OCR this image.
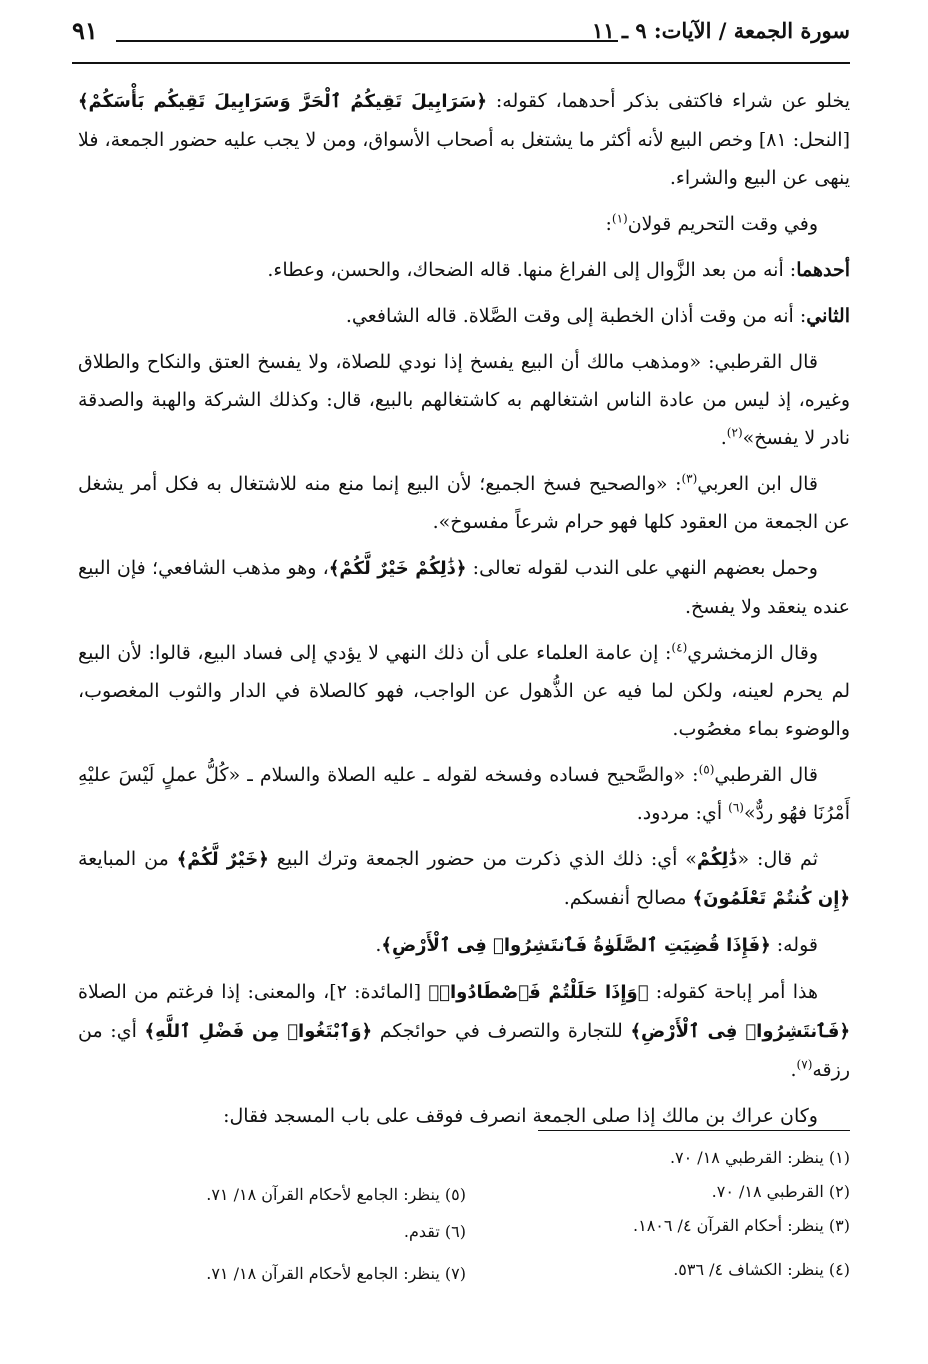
سورة الجمعة / الآيات: ٩ ـ ١١
٩١

يخلو عن شراء فاكتفى بذكر أحدهما، كقوله: ﴿سَرَابِيلَ تَقِيكُمُ ٱلْحَرَّ وَسَرَابِيلَ تَقِيكُم بَأْسَكُمْ﴾ [النحل: ٨١] وخص البيع لأنه أكثر ما يشتغل به أصحاب الأسواق، ومن لا يجب عليه حضور الجمعة، فلا ينهى عن البيع والشراء.

وفي وقت التحريم قولان$^{(١)}$:

أحدهما: أنه من بعد الزَّوال إلى الفراغ منها. قاله الضحاك، والحسن، وعطاء.

الثاني: أنه من وقت أذان الخطبة إلى وقت الصَّلاة. قاله الشافعي.

قال القرطبي: «ومذهب مالك أن البيع يفسخ إذا نودي للصلاة، ولا يفسخ العتق والنكاح والطلاق وغيره، إذ ليس من عادة الناس اشتغالهم به كاشتغالهم بالبيع، قال: وكذلك الشركة والهبة والصدقة نادر لا يفسخ»$^{(٢)}$.

قال ابن العربي$^{(٣)}$: «والصحيح فسخ الجميع؛ لأن البيع إنما منع منه للاشتغال به فكل أمر يشغل عن الجمعة من العقود كلها فهو حرام شرعاً مفسوخ».

وحمل بعضهم النهي على الندب لقوله تعالى: ﴿ذَٰلِكُمْ خَيْرٌ لَّكُمْ﴾، وهو مذهب الشافعي؛ فإن البيع عنده ينعقد ولا يفسخ.

وقال الزمخشري$^{(٤)}$: إن عامة العلماء على أن ذلك النهي لا يؤدي إلى فساد البيع، قالوا: لأن البيع لم يحرم لعينه، ولكن لما فيه عن الذُّهول عن الواجب، فهو كالصلاة في الدار والثوب المغصوب، والوضوء بماء مغصُوب.

قال القرطبي$^{(٥)}$: «والصَّحيح فساده وفسخه لقوله ـ عليه الصلاة والسلام ـ «كُلُّ عملٍ لَيْسَ عليْهِ أَمْرُنَا فهُو ردٌّ»$^{(٦)}$ أي: مردود.

ثم قال: «ذَٰلِكُمْ» أي: ذلك الذي ذكرت من حضور الجمعة وترك البيع ﴿خَيْرٌ لَّكُمْ﴾ من المبايعة ﴿إِن كُنتُمْ تَعْلَمُونَ﴾ مصالح أنفسكم.

قوله: ﴿فَإِذَا قُضِيَتِ ٱلصَّلَوٰةُ فَٱنتَشِرُوا۟ فِى ٱلْأَرْضِ﴾.

هذا أمر إباحة كقوله: ﴿وَإِذَا حَلَلْتُمْ فَٱصْطَادُوا۟﴾ [المائدة: ٢]، والمعنى: إذا فرغتم من الصلاة ﴿فَٱنتَشِرُوا۟ فِى ٱلْأَرْضِ﴾ للتجارة والتصرف في حوائجكم ﴿وَٱبْتَغُوا۟ مِن فَضْلِ ٱللَّهِ﴾ أي: من رزقه$^{(٧)}$.

وكان عراك بن مالك إذا صلى الجمعة انصرف فوقف على باب المسجد فقال:

(١) ينظر: القرطبي ١٨/ ٧٠.
(٢) القرطبي ١٨/ ٧٠.
(٣) ينظر: أحكام القرآن ٤/ ١٨٠٦.
(٤) ينظر: الكشاف ٤/ ٥٣٦.
(٥) ينظر: الجامع لأحكام القرآن ١٨/ ٧١.
(٦) تقدم.
(٧) ينظر: الجامع لأحكام القرآن ١٨/ ٧١.
